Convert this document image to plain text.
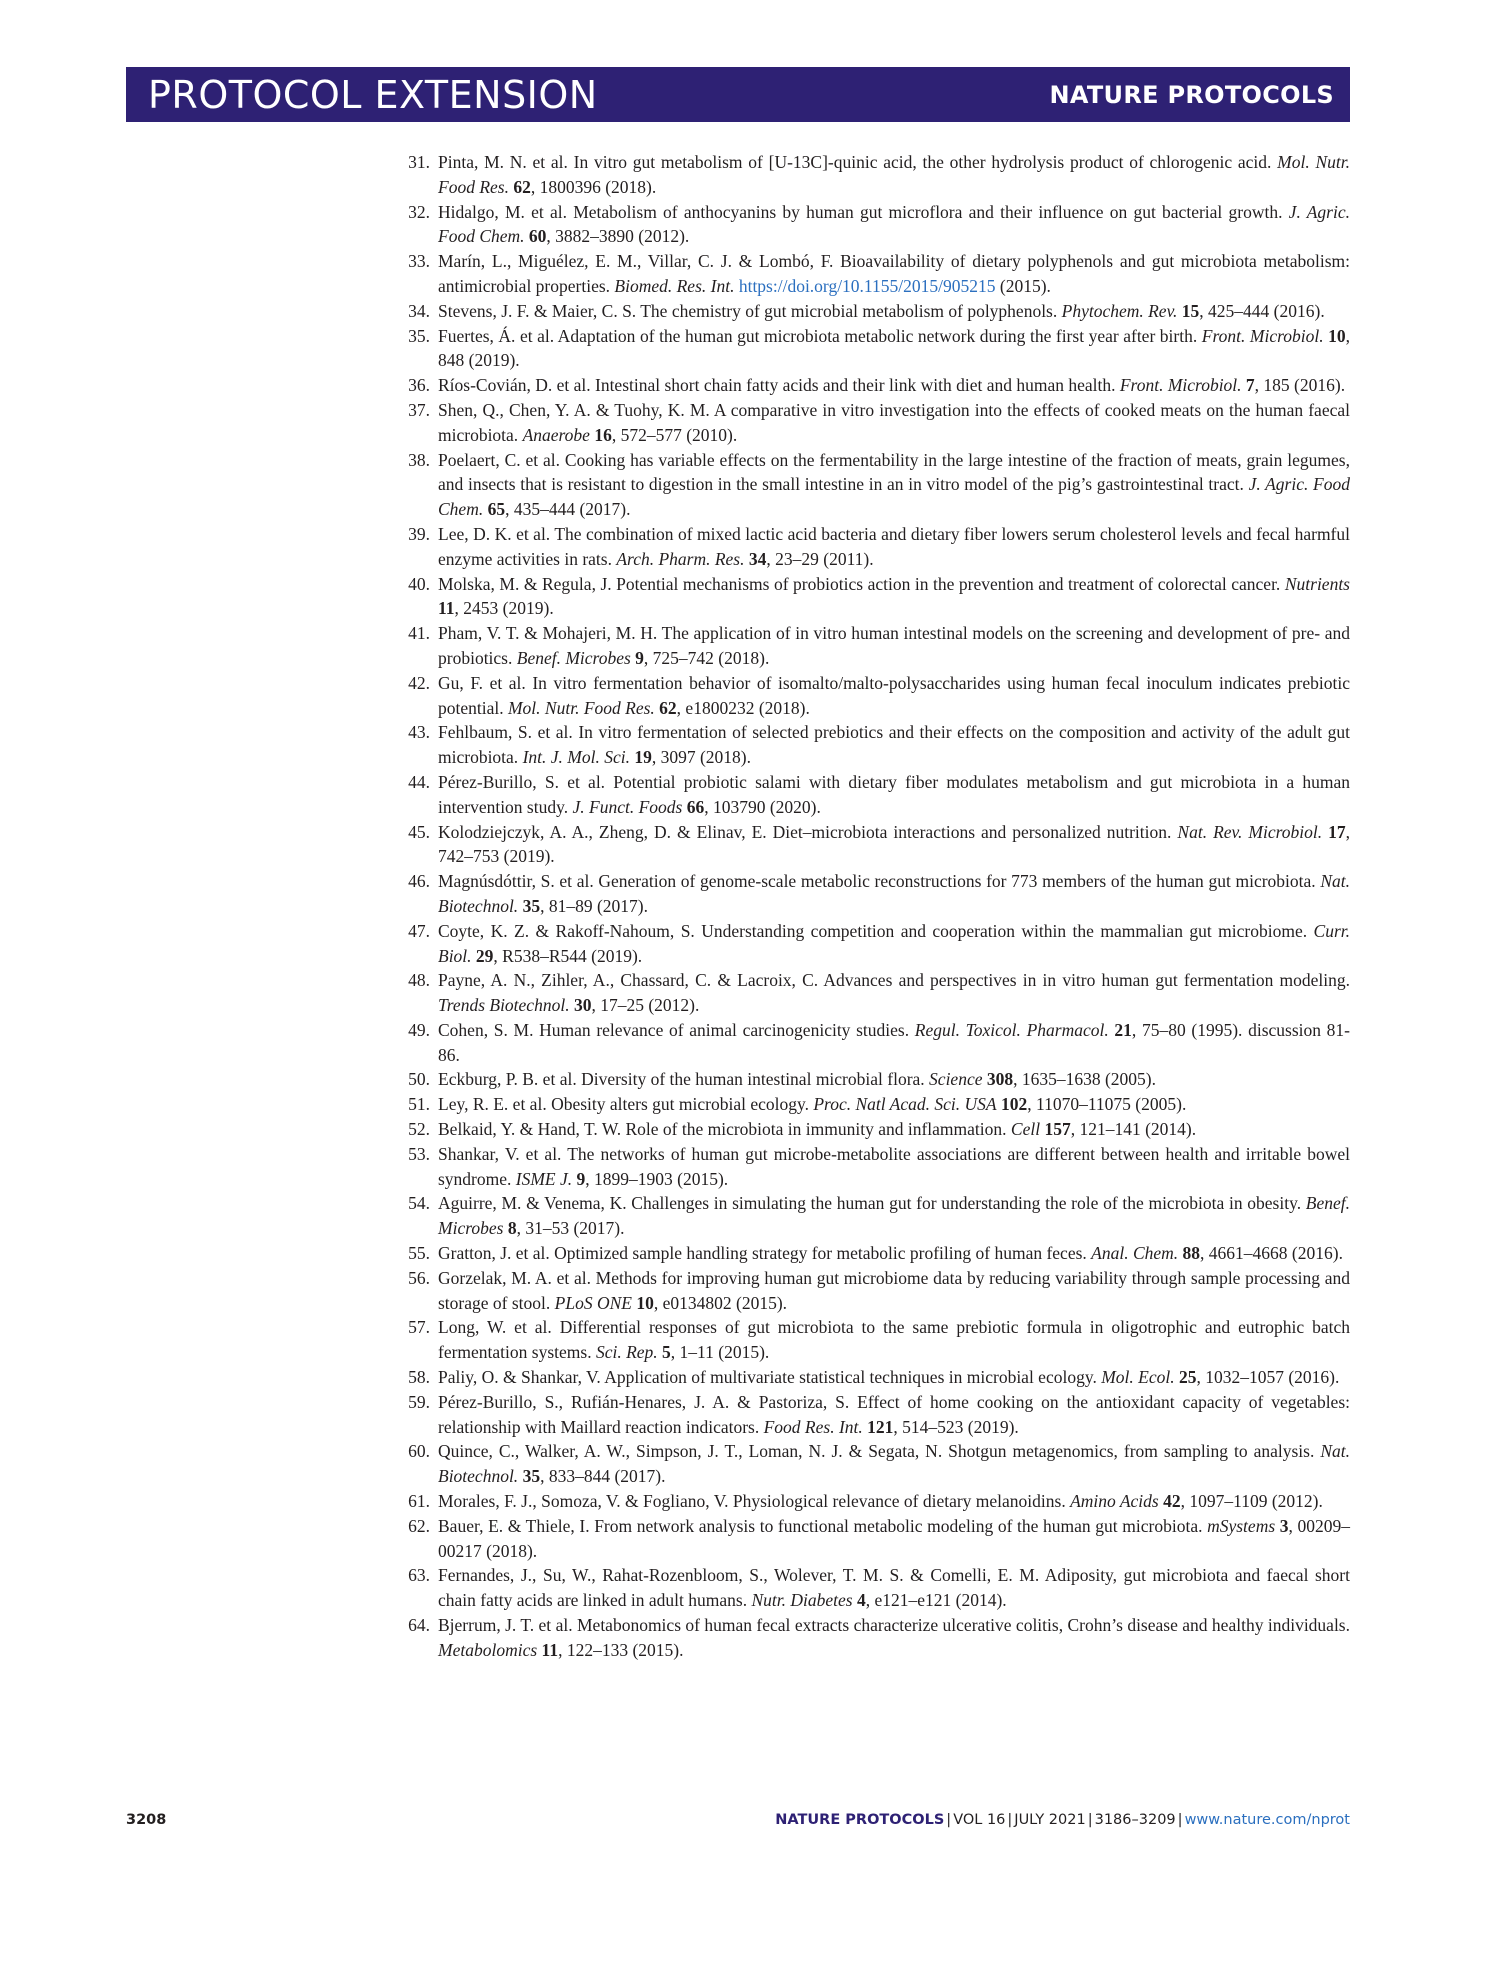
PROTOCOL EXTENSION	NATURE PROTOCOLS
31. Pinta, M. N. et al. In vitro gut metabolism of [U-13C]-quinic acid, the other hydrolysis product of chlorogenic acid. Mol. Nutr. Food Res. 62, 1800396 (2018).
32. Hidalgo, M. et al. Metabolism of anthocyanins by human gut microflora and their influence on gut bacterial growth. J. Agric. Food Chem. 60, 3882–3890 (2012).
33. Marín, L., Miguélez, E. M., Villar, C. J. & Lombó, F. Bioavailability of dietary polyphenols and gut microbiota metabolism: antimicrobial properties. Biomed. Res. Int. https://doi.org/10.1155/2015/905215 (2015).
34. Stevens, J. F. & Maier, C. S. The chemistry of gut microbial metabolism of polyphenols. Phytochem. Rev. 15, 425–444 (2016).
35. Fuertes, Á. et al. Adaptation of the human gut microbiota metabolic network during the first year after birth. Front. Microbiol. 10, 848 (2019).
36. Ríos-Covián, D. et al. Intestinal short chain fatty acids and their link with diet and human health. Front. Microbiol. 7, 185 (2016).
37. Shen, Q., Chen, Y. A. & Tuohy, K. M. A comparative in vitro investigation into the effects of cooked meats on the human faecal microbiota. Anaerobe 16, 572–577 (2010).
38. Poelaert, C. et al. Cooking has variable effects on the fermentability in the large intestine of the fraction of meats, grain legumes, and insects that is resistant to digestion in the small intestine in an in vitro model of the pig’s gastrointestinal tract. J. Agric. Food Chem. 65, 435–444 (2017).
39. Lee, D. K. et al. The combination of mixed lactic acid bacteria and dietary fiber lowers serum cholesterol levels and fecal harmful enzyme activities in rats. Arch. Pharm. Res. 34, 23–29 (2011).
40. Molska, M. & Regula, J. Potential mechanisms of probiotics action in the prevention and treatment of colorectal cancer. Nutrients 11, 2453 (2019).
41. Pham, V. T. & Mohajeri, M. H. The application of in vitro human intestinal models on the screening and development of pre- and probiotics. Benef. Microbes 9, 725–742 (2018).
42. Gu, F. et al. In vitro fermentation behavior of isomalto/malto-polysaccharides using human fecal inoculum indicates prebiotic potential. Mol. Nutr. Food Res. 62, e1800232 (2018).
43. Fehlbaum, S. et al. In vitro fermentation of selected prebiotics and their effects on the composition and activity of the adult gut microbiota. Int. J. Mol. Sci. 19, 3097 (2018).
44. Pérez-Burillo, S. et al. Potential probiotic salami with dietary fiber modulates metabolism and gut microbiota in a human intervention study. J. Funct. Foods 66, 103790 (2020).
45. Kolodziejczyk, A. A., Zheng, D. & Elinav, E. Diet–microbiota interactions and personalized nutrition. Nat. Rev. Microbiol. 17, 742–753 (2019).
46. Magnúsdóttir, S. et al. Generation of genome-scale metabolic reconstructions for 773 members of the human gut microbiota. Nat. Biotechnol. 35, 81–89 (2017).
47. Coyte, K. Z. & Rakoff-Nahoum, S. Understanding competition and cooperation within the mammalian gut microbiome. Curr. Biol. 29, R538–R544 (2019).
48. Payne, A. N., Zihler, A., Chassard, C. & Lacroix, C. Advances and perspectives in in vitro human gut fermentation modeling. Trends Biotechnol. 30, 17–25 (2012).
49. Cohen, S. M. Human relevance of animal carcinogenicity studies. Regul. Toxicol. Pharmacol. 21, 75–80 (1995). discussion 81-86.
50. Eckburg, P. B. et al. Diversity of the human intestinal microbial flora. Science 308, 1635–1638 (2005).
51. Ley, R. E. et al. Obesity alters gut microbial ecology. Proc. Natl Acad. Sci. USA 102, 11070–11075 (2005).
52. Belkaid, Y. & Hand, T. W. Role of the microbiota in immunity and inflammation. Cell 157, 121–141 (2014).
53. Shankar, V. et al. The networks of human gut microbe-metabolite associations are different between health and irritable bowel syndrome. ISME J. 9, 1899–1903 (2015).
54. Aguirre, M. & Venema, K. Challenges in simulating the human gut for understanding the role of the microbiota in obesity. Benef. Microbes 8, 31–53 (2017).
55. Gratton, J. et al. Optimized sample handling strategy for metabolic profiling of human feces. Anal. Chem. 88, 4661–4668 (2016).
56. Gorzelak, M. A. et al. Methods for improving human gut microbiome data by reducing variability through sample processing and storage of stool. PLoS ONE 10, e0134802 (2015).
57. Long, W. et al. Differential responses of gut microbiota to the same prebiotic formula in oligotrophic and eutrophic batch fermentation systems. Sci. Rep. 5, 1–11 (2015).
58. Paliy, O. & Shankar, V. Application of multivariate statistical techniques in microbial ecology. Mol. Ecol. 25, 1032–1057 (2016).
59. Pérez-Burillo, S., Rufián-Henares, J. A. & Pastoriza, S. Effect of home cooking on the antioxidant capacity of vegetables: relationship with Maillard reaction indicators. Food Res. Int. 121, 514–523 (2019).
60. Quince, C., Walker, A. W., Simpson, J. T., Loman, N. J. & Segata, N. Shotgun metagenomics, from sampling to analysis. Nat. Biotechnol. 35, 833–844 (2017).
61. Morales, F. J., Somoza, V. & Fogliano, V. Physiological relevance of dietary melanoidins. Amino Acids 42, 1097–1109 (2012).
62. Bauer, E. & Thiele, I. From network analysis to functional metabolic modeling of the human gut microbiota. mSystems 3, 00209–00217 (2018).
63. Fernandes, J., Su, W., Rahat-Rozenbloom, S., Wolever, T. M. S. & Comelli, E. M. Adiposity, gut microbiota and faecal short chain fatty acids are linked in adult humans. Nutr. Diabetes 4, e121–e121 (2014).
64. Bjerrum, J. T. et al. Metabonomics of human fecal extracts characterize ulcerative colitis, Crohn’s disease and healthy individuals. Metabolomics 11, 122–133 (2015).
3208	NATURE PROTOCOLS | VOL 16 | JULY 2021 | 3186–3209 | www.nature.com/nprot
